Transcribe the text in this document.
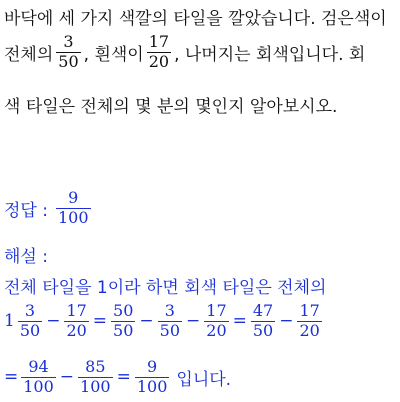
바닥에 세 가지 색깔의 타일을 깔았습니다. 검은색이
전체의 $\frac{3}{50}$ , 흰색이 $\frac{17}{20}$ , 나머지는 회색입니다. 회
색 타일은 전체의 몇 분의 몇인지 알아보시오.
정답 : $\frac{9}{100}$
해설 :
전체 타일을 1이라 하면 회색 타일은 전체의
$1 \frac{3}{50} - \frac{17}{20} = \frac{50}{50} - \frac{3}{50} - \frac{17}{20} = \frac{47}{50} - \frac{17}{20}$
= $\frac{94}{100} - \frac{85}{100} = \frac{9}{100}$ 입니다.
